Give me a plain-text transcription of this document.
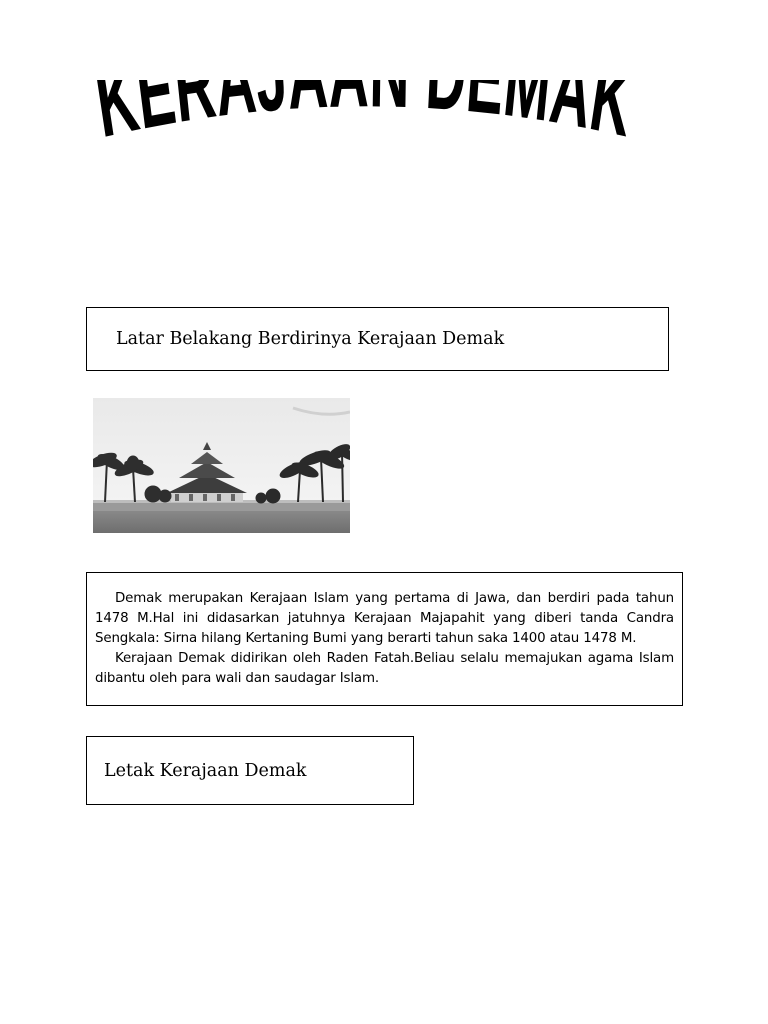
KER MA
Latar Belakang Berdirinya Kerajaan Demak

Demak merupakan Kerajaan Islam yang pertama di Jawa, dan berdiri pada tahun 1478 M.Hal ini didasarkan jatuhnya Kerajaan Majapahit yang diberi tanda Candra Sengkala: Sirna hilang Kertaning Bumi yang berarti tahun saka 1400 atau 1478 M.

Kerajaan Demak didirikan oleh Raden Fatah.Beliau selalu memajukan agama Islam dibantu oleh para wali dan saudagar Islam.

Letak Kerajaan Demak
